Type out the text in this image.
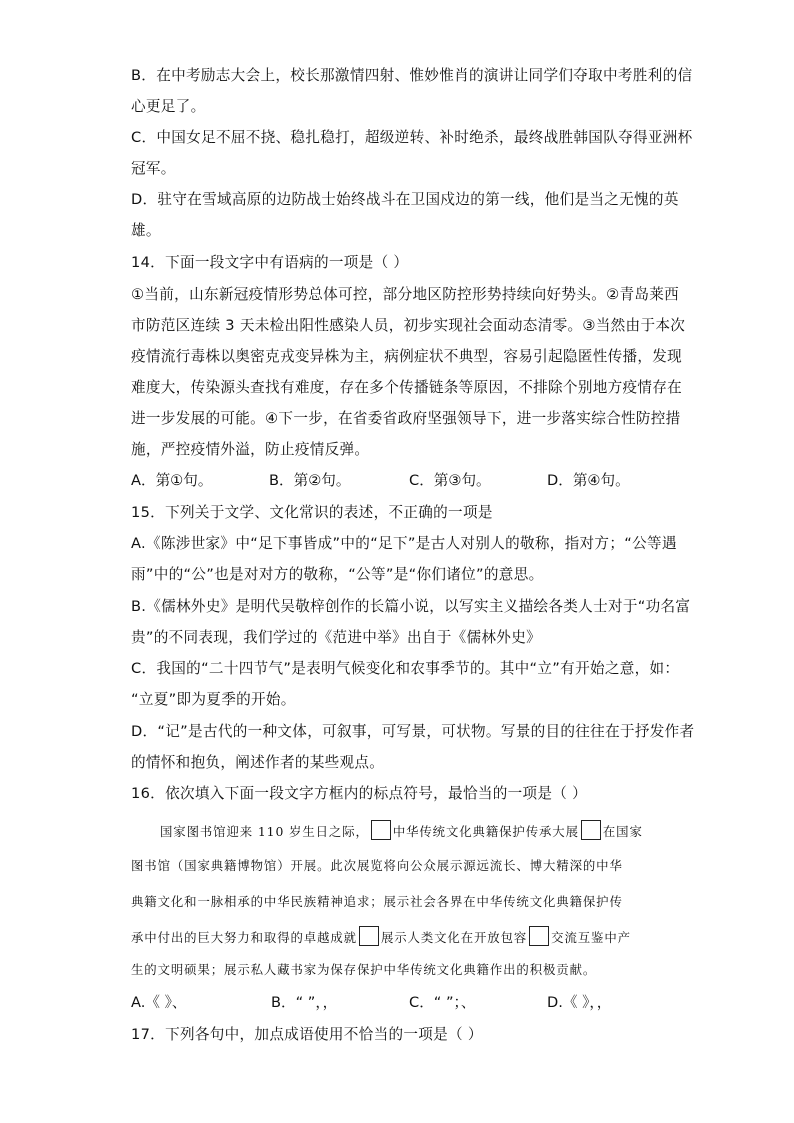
B．在中考励志大会上，校长那激情四射、惟妙惟肖的演讲让同学们夺取中考胜利的信
心更足了。
C．中国女足不屈不挠、稳扎稳打，超级逆转、补时绝杀，最终战胜韩国队夺得亚洲杯
冠军。
D．驻守在雪域高原的边防战士始终战斗在卫国戍边的第一线，他们是当之无愧的英
雄。
14．下面一段文字中有语病的一项是（ ）
①当前，山东新冠疫情形势总体可控，部分地区防控形势持续向好势头。②青岛莱西
市防范区连续 3 天未检出阳性感染人员，初步实现社会面动态清零。③当然由于本次
疫情流行毒株以奥密克戎变异株为主，病例症状不典型，容易引起隐匿性传播，发现
难度大，传染源头查找有难度，存在多个传播链条等原因，不排除个别地方疫情存在
进一步发展的可能。④下一步，在省委省政府坚强领导下，进一步落实综合性防控措
施，严控疫情外溢，防止疫情反弹。
A．第①句。	B．第②句。	C．第③句。	D．第④句。
15．下列关于文学、文化常识的表述，不正确的一项是
A.《陈涉世家》中“足下事皆成”中的“足下”是古人对别人的敬称，指对方；“公等遇
雨”中的“公”也是对对方的敬称，“公等”是“你们诸位”的意思。
B.《儒林外史》是明代吴敬梓创作的长篇小说，以写实主义描绘各类人士对于“功名富
贵”的不同表现，我们学过的《范进中举》出自于《儒林外史》
C．我国的“二十四节气”是表明气候变化和农事季节的。其中“立”有开始之意，如：
“立夏”即为夏季的开始。
D．“记”是古代的一种文体，可叙事，可写景，可状物。写景的目的往往在于抒发作者
的情怀和抱负，阐述作者的某些观点。
16．依次填入下面一段文字方框内的标点符号，最恰当的一项是（ ）
国家图书馆迎来 110 岁生日之际， 中华传统文化典籍保护传承大展 在国家
图书馆（国家典籍博物馆）开展。此次展览将向公众展示源远流长、博大精深的中华
典籍文化和一脉相承的中华民族精神追求；展示社会各界在中华传统文化典籍保护传
承中付出的巨大努力和取得的卓越成就 展示人类文化在开放包容 交流互鉴中产
生的文明硕果；展示私人藏书家为保存保护中华传统文化典籍作出的积极贡献。
A.《 》、	B．“ ”，，	C．“ ”；、	D.《 》，，
17．下列各句中，加点成语使用不恰当的一项是（ ）
